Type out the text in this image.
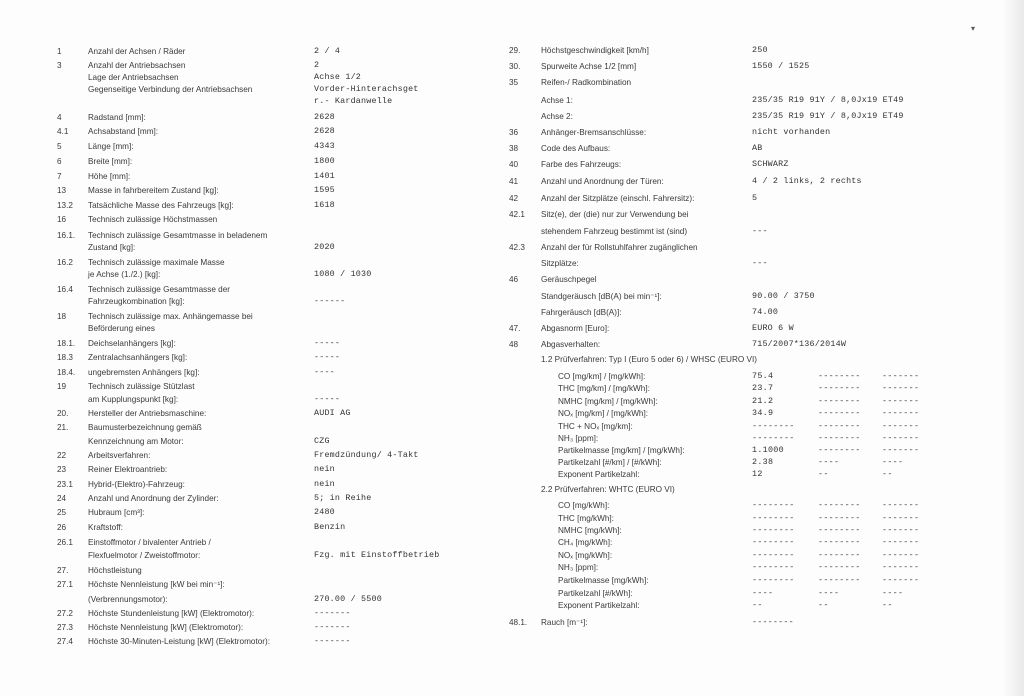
▾
1	Anzahl der Achsen / Räder	2 / 4
3	Anzahl der Antriebsachsen	2
Lage der Antriebsachsen	Achse 1/2
Gegenseitige Verbindung der Antriebsachsen	Vorder-Hinterachsget
r.- Kardanwelle
4	Radstand [mm]:	2628
4.1 Achsabstand [mm]:	2628
5	Länge [mm]:	4343
6	Breite [mm]:	1800
7	Höhe [mm]:	1401
13	Masse in fahrbereitem Zustand [kg]:	1595
13.2 Tatsächliche Masse des Fahrzeugs [kg]:	1618
16	Technisch zulässige Höchstmassen
16.1. Technisch zulässige Gesamtmasse in beladenem
Zustand [kg]:	2020
16.2 Technisch zulässige maximale Masse
je Achse (1./2.) [kg]:	1080 / 1030
16.4 Technisch zulässige Gesamtmasse der
Fahrzeugkombination [kg]:	------
18	Technisch zulässige max. Anhängemasse bei
Beförderung eines
18.1. Deichselanhängers [kg]:	-----
18.3 Zentralachsanhängers [kg]:	-----
18.4. ungebremsten Anhängers [kg]:	----
19	Technisch zulässige Stützlast
am Kupplungspunkt [kg]:	-----
20. Hersteller der Antriebsmaschine:	AUDI AG
21. Baumusterbezeichnung gemäß
Kennzeichnung am Motor:	CZG
22	Arbeitsverfahren:	Fremdzündung/ 4-Takt
23	Reiner Elektroantrieb:	nein
23.1 Hybrid-(Elektro)-Fahrzeug:	nein
24	Anzahl und Anordnung der Zylinder:	5; in Reihe
25	Hubraum [cm³]:	2480
26	Kraftstoff:	Benzin
26.1 Einstoffmotor / bivalenter Antrieb /
Flexfuelmotor / Zweistoffmotor:	Fzg. mit Einstoffbetrieb
27. Höchstleistung
27.1 Höchste Nennleistung [kW bei min⁻¹]:
(Verbrennungsmotor):	270.00 / 5500
27.2 Höchste Stundenleistung [kW] (Elektromotor):	-------
27.3 Höchste Nennleistung [kW] (Elektromotor):	-------
27.4 Höchste 30-Minuten-Leistung [kW] (Elektromotor):	-------
29.	Höchstgeschwindigkeit [km/h]	250
30.	Spurweite Achse 1/2 [mm]	1550 / 1525
35	Reifen-/ Radkombination
Achse 1:	235/35 R19 91Y / 8,0Jx19 ET49
Achse 2:	235/35 R19 91Y / 8,0Jx19 ET49
36	Anhänger-Bremsanschlüsse:	nicht vorhanden
38	Code des Aufbaus:	AB
40	Farbe des Fahrzeugs:	SCHWARZ
41	Anzahl und Anordnung der Türen:	4 / 2 links, 2 rechts
42	Anzahl der Sitzplätze (einschl. Fahrersitz):	5
42.1 Sitz(e), der (die) nur zur Verwendung bei
stehendem Fahrzeug bestimmt ist (sind)	---
42.3 Anzahl der für Rollstuhlfahrer zugänglichen
Sitzplätze:	---
46	Geräuschpegel
Standgeräusch [dB(A) bei min⁻¹]:	90.00 / 3750
Fahrgeräusch [dB(A)]:	74.00
47.	Abgasnorm [Euro]:	EURO 6 W
48	Abgasverhalten:	715/2007*136/2014W
1.2 Prüfverfahren: Typ I (Euro 5 oder 6) / WHSC (EURO VI)
CO [mg/km] / [mg/kWh]:	75.4	--------	-------
THC [mg/km] / [mg/kWh]:	23.7	--------	-------
NMHC [mg/km] / [mg/kWh]:	21.2	--------	-------
NOₓ [mg/km] / [mg/kWh]:	34.9	--------	-------
THC + NOₓ [mg/km]:	--------	--------	-------
NH₃ [ppm]:	--------	--------	-------
Partikelmasse [mg/km] / [mg/kWh]:	1.1000	--------	-------
Partikelzahl [#/km] / [#/kWh]:	2.38	----	----
Exponent Partikelzahl:	12	--	--
2.2 Prüfverfahren: WHTC (EURO VI)
CO [mg/kWh]:	--------	--------	-------
THC [mg/kWh]:	--------	--------	-------
NMHC [mg/kWh]:	--------	--------	-------
CH₄ [mg/kWh]:	--------	--------	-------
NOₓ [mg/kWh]:	--------	--------	-------
NH₃ [ppm]:	--------	--------	-------
Partikelmasse [mg/kWh]:	--------	--------	-------
Partikelzahl [#/kWh]:	----	----	----
Exponent Partikelzahl:	--	--	--
48.1. Rauch [m⁻¹]:	--------
